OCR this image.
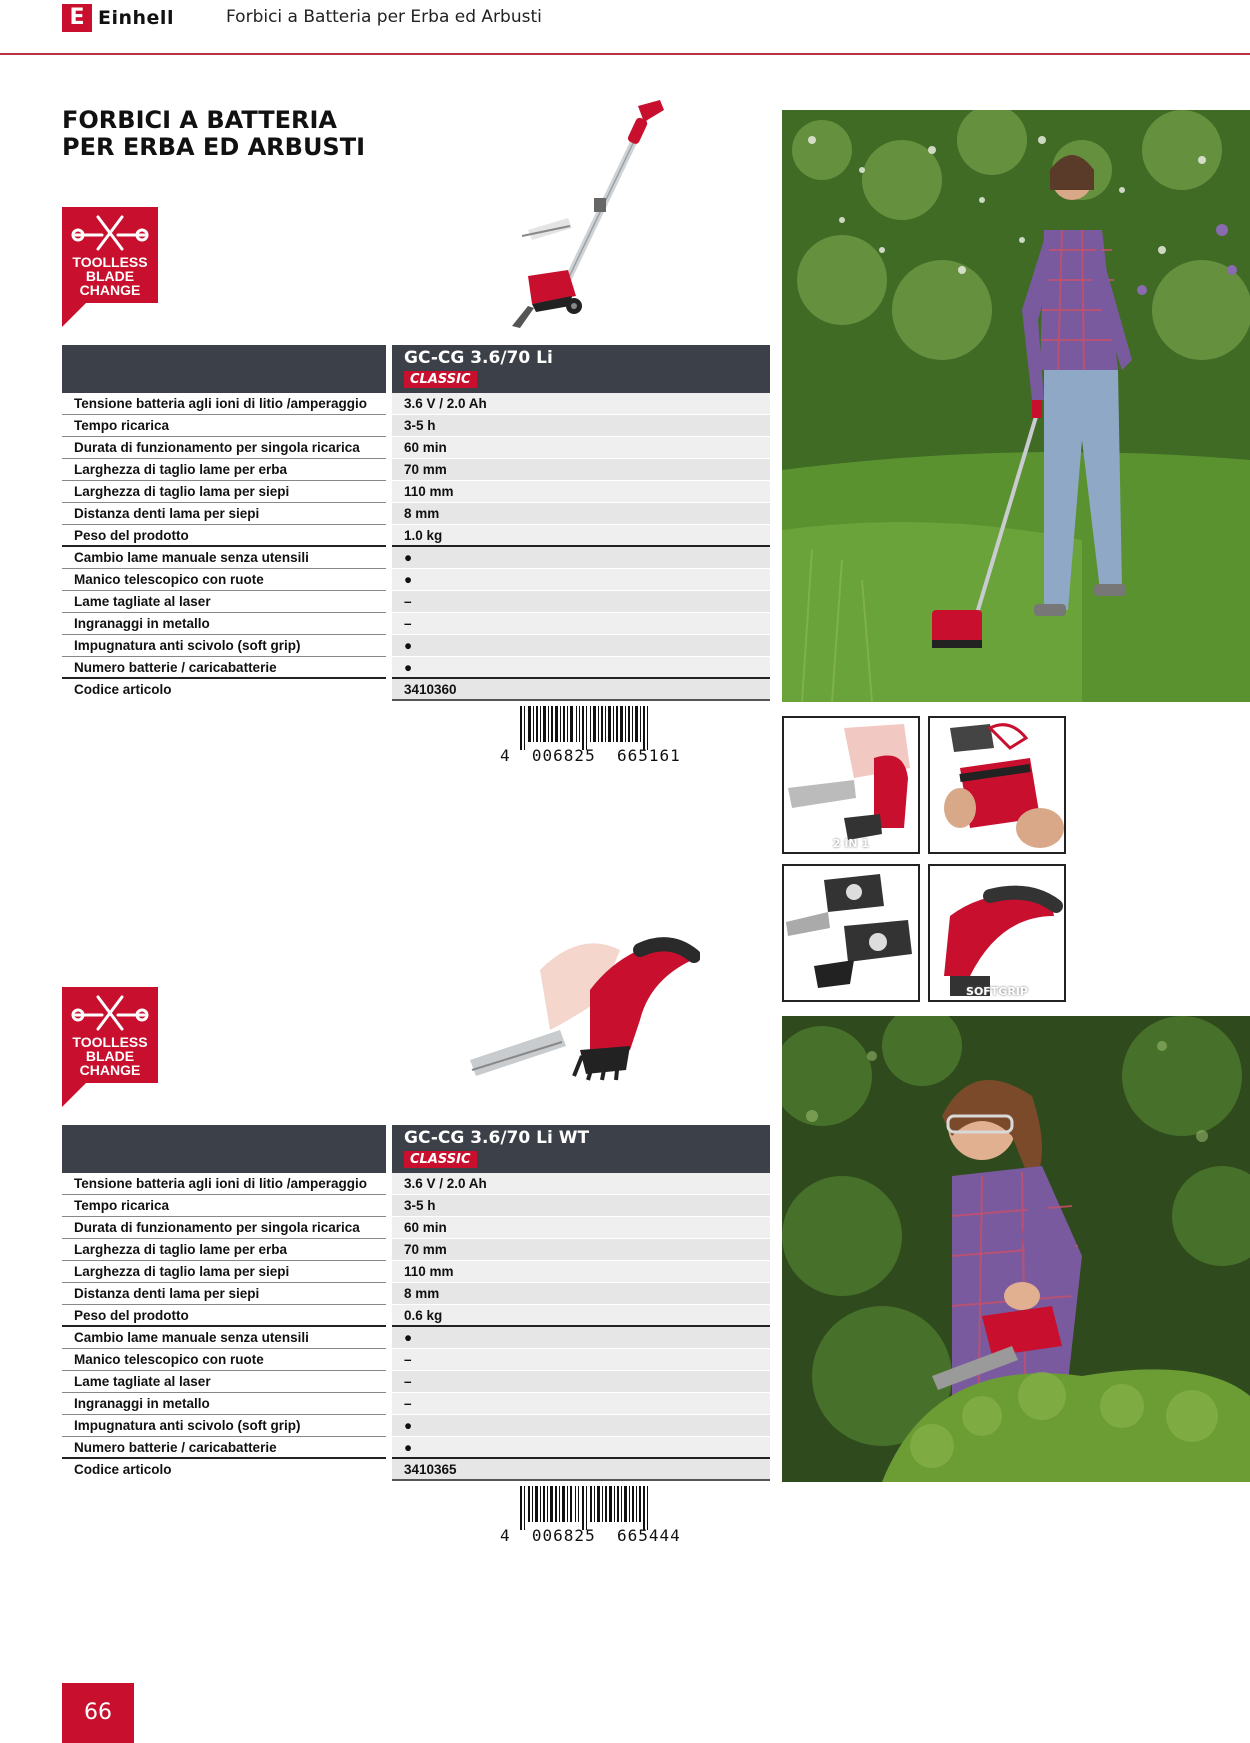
E Einhell	Forbici a Batteria per Erba ed Arbusti
FORBICI A BATTERIA
PER ERBA ED ARBUSTI
TOOLLESS
BLADE
CHANGE
GC-CG 3.6/70 Li
CLASSIC
Tensione batteria agli ioni di litio /amperaggio	3.6 V / 2.0 Ah
Tempo ricarica	3-5 h
Durata di funzionamento per singola ricarica	60 min
Larghezza di taglio lame per erba	70 mm
Larghezza di taglio lama per siepi	110 mm
Distanza denti lama per siepi	8 mm
Peso del prodotto	1.0 kg
Cambio lame manuale senza utensili	●
Manico telescopico con ruote	●
Lame tagliate al laser	–
Ingranaggi in metallo	–
Impugnatura anti scivolo (soft grip)	●
Numero batterie / caricabatterie	●
Codice articolo	3410360
4  006825  665161
2 IN 1
SOFTGRIP
TOOLLESS
BLADE
CHANGE
GC-CG 3.6/70 Li WT
CLASSIC
Tensione batteria agli ioni di litio /amperaggio	3.6 V / 2.0 Ah
Tempo ricarica	3-5 h
Durata di funzionamento per singola ricarica	60 min
Larghezza di taglio lame per erba	70 mm
Larghezza di taglio lama per siepi	110 mm
Distanza denti lama per siepi	8 mm
Peso del prodotto	0.6 kg
Cambio lame manuale senza utensili	●
Manico telescopico con ruote	–
Lame tagliate al laser	–
Ingranaggi in metallo	–
Impugnatura anti scivolo (soft grip)	●
Numero batterie / caricabatterie	●
Codice articolo	3410365
4  006825  665444
66
